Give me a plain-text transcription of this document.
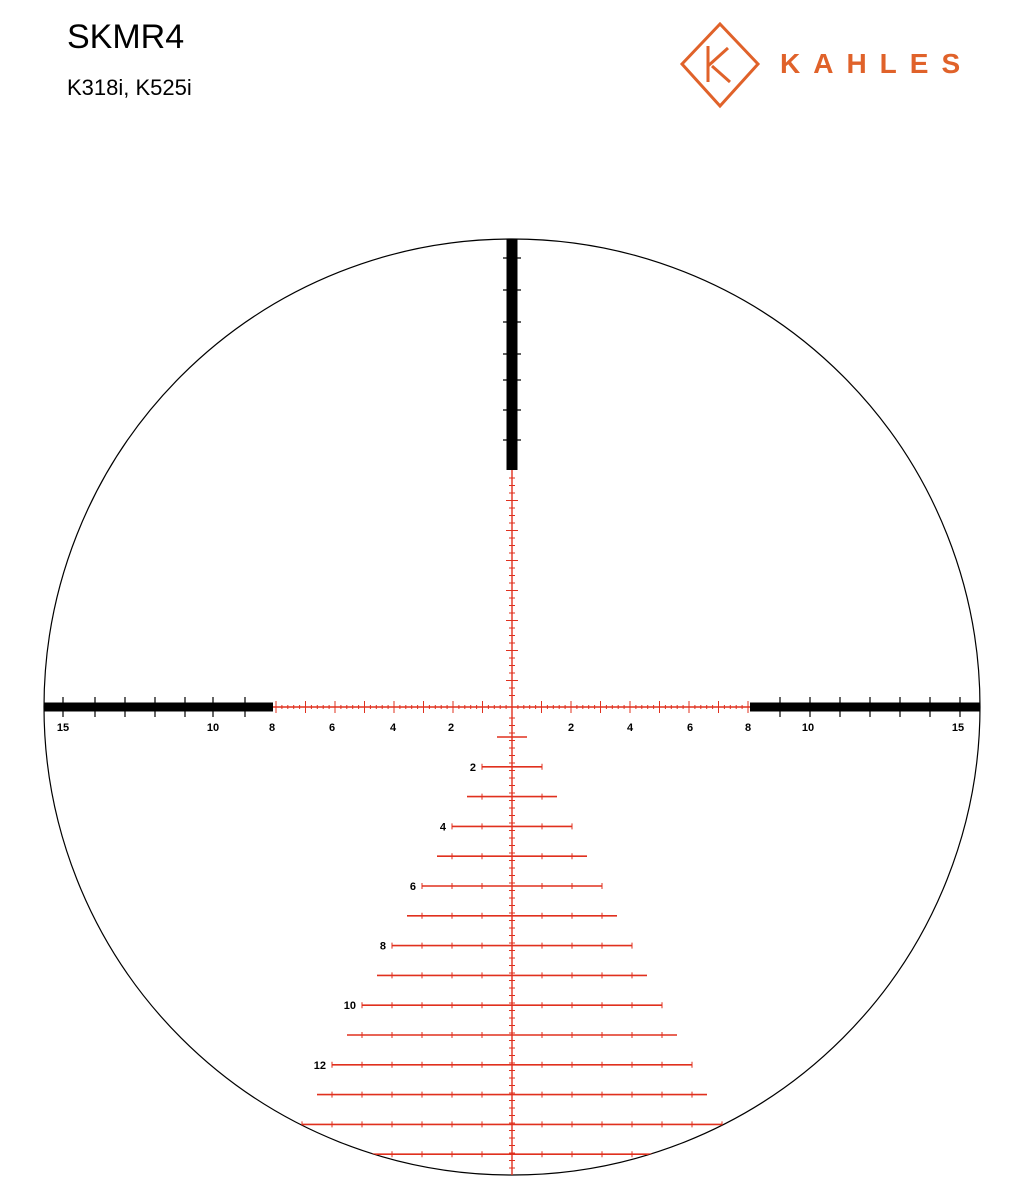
SKMR4
K318i, K525i
KAHLES
15	10	8	6	4	2	2	4	6	8	10	15
2
4
6
8
10
12
